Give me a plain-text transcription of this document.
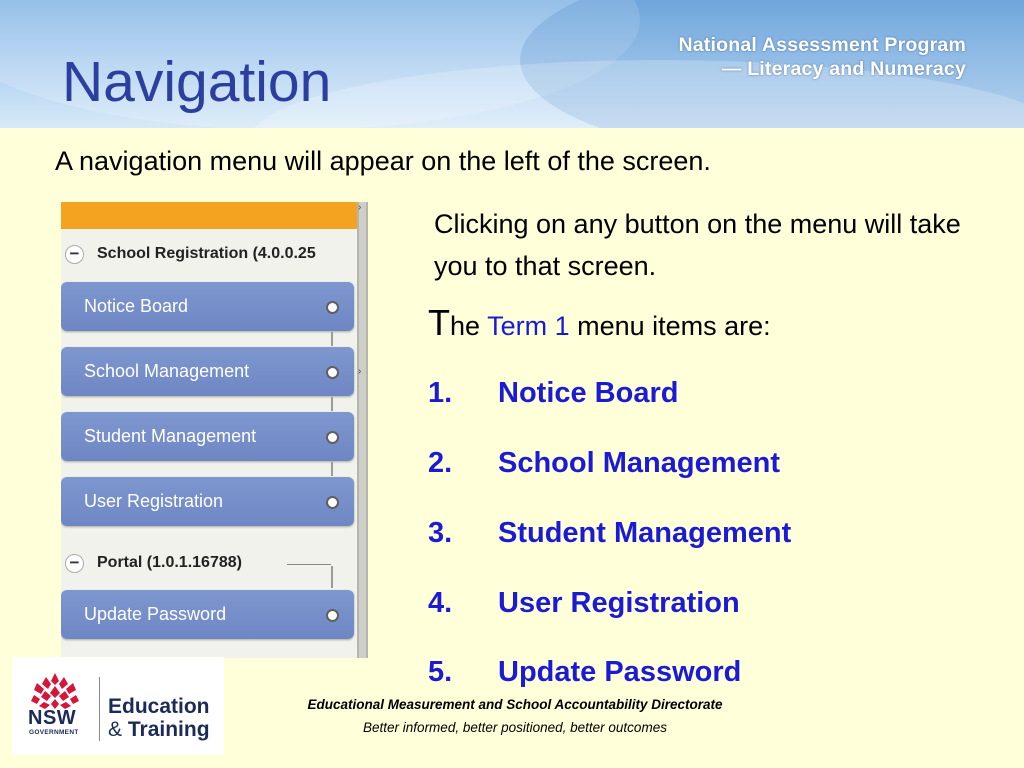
Navigation
National Assessment Program
— Literacy and Numeracy
A navigation menu will appear on the left of the screen.
›
›
− School Registration (4.0.0.25
Notice Board
School Management
Student Management
User Registration
− Portal (1.0.1.16788)
Update Password
Clicking on any button on the menu will take you to that screen.
The Term 1 menu items are:
1. Notice Board
2. School Management
3. Student Management
4. User Registration
5. Update Password
NSW
GOVERNMENT
Education
& Training
Educational Measurement and School Accountability Directorate
Better informed, better positioned, better outcomes
